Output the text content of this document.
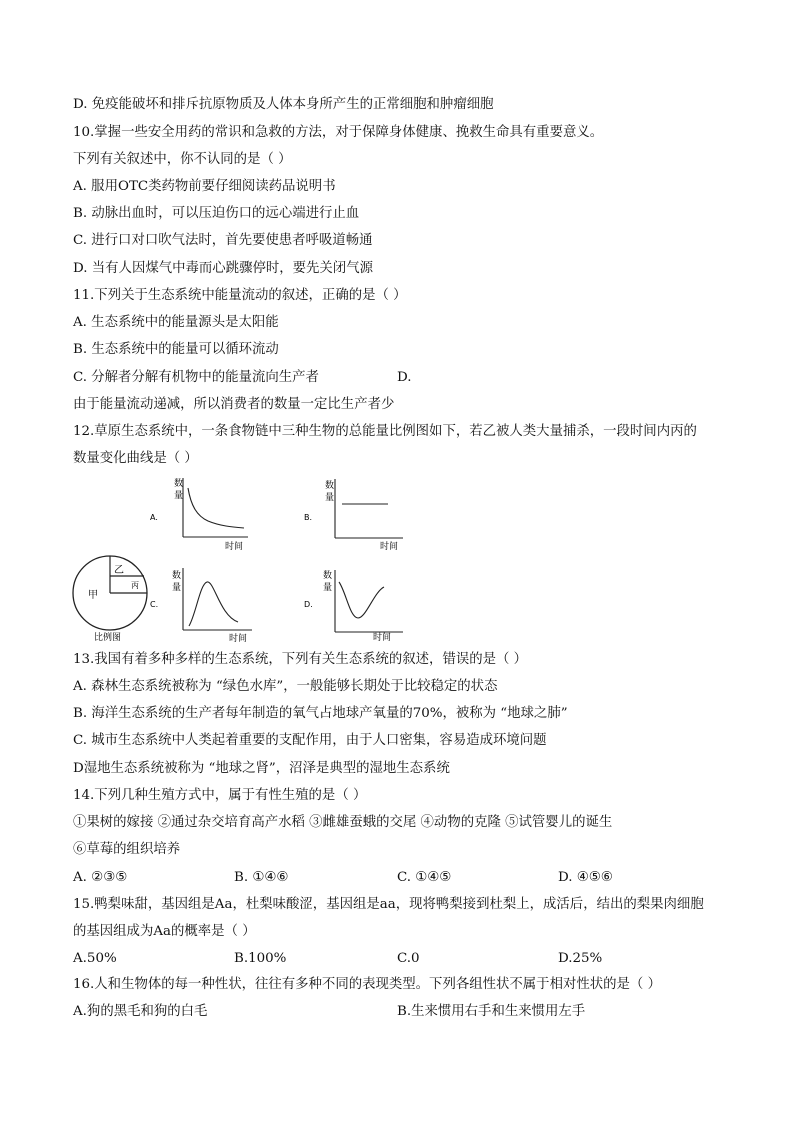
D. 免疫能破坏和排斥抗原物质及人体本身所产生的正常细胞和肿瘤细胞
10.掌握一些安全用药的常识和急救的方法，对于保障身体健康、挽救生命具有重要意义。
下列有关叙述中，你不认同的是（ ）
A. 服用OTC类药物前要仔细阅读药品说明书
B. 动脉出血时，可以压迫伤口的远心端进行止血
C. 进行口对口吹气法时，首先要使患者呼吸道畅通
D. 当有人因煤气中毒而心跳骤停时，要先关闭气源
11.下列关于生态系统中能量流动的叙述，正确的是（ ）
A. 生态系统中的能量源头是太阳能
B. 生态系统中的能量可以循环流动
C. 分解者分解有机物中的能量流向生产者	D.
由于能量流动递减，所以消费者的数量一定比生产者少
12.草原生态系统中，一条食物链中三种生物的总能量比例图如下，若乙被人类大量捕杀，一段时间内丙的
数量变化曲线是（ ）
甲
乙
丙
比例图
数
量
A.
时间
数
量
B.
时间
数
量
C.
时间
数
量
D.
时间
13.我国有着多种多样的生态系统，下列有关生态系统的叙述，错误的是（ ）
A. 森林生态系统被称为 “绿色水库”，一般能够长期处于比较稳定的状态
B. 海洋生态系统的生产者每年制造的氧气占地球产氧量的70%，被称为 “地球之肺”
C. 城市生态系统中人类起着重要的支配作用，由于人口密集，容易造成环境问题
D湿地生态系统被称为 “地球之肾”，沼泽是典型的湿地生态系统
14.下列几种生殖方式中，属于有性生殖的是（ ）
①果树的嫁接 ②通过杂交培育高产水稻 ③雌雄蚕蛾的交尾 ④动物的克隆 ⑤试管婴儿的诞生
⑥草莓的组织培养
A. ②③⑤	B. ①④⑥	C. ①④⑤	D. ④⑤⑥
15.鸭梨味甜，基因组是Aa，杜梨味酸涩，基因组是aa，现将鸭梨接到杜梨上，成活后，结出的梨果肉细胞
的基因组成为Aa的概率是（ ）
A.50%	B.100%	C.0	D.25%
16.人和生物体的每一种性状，往往有多种不同的表现类型。下列各组性状不属于相对性状的是（ ）
A.狗的黑毛和狗的白毛	B.生来惯用右手和生来惯用左手
